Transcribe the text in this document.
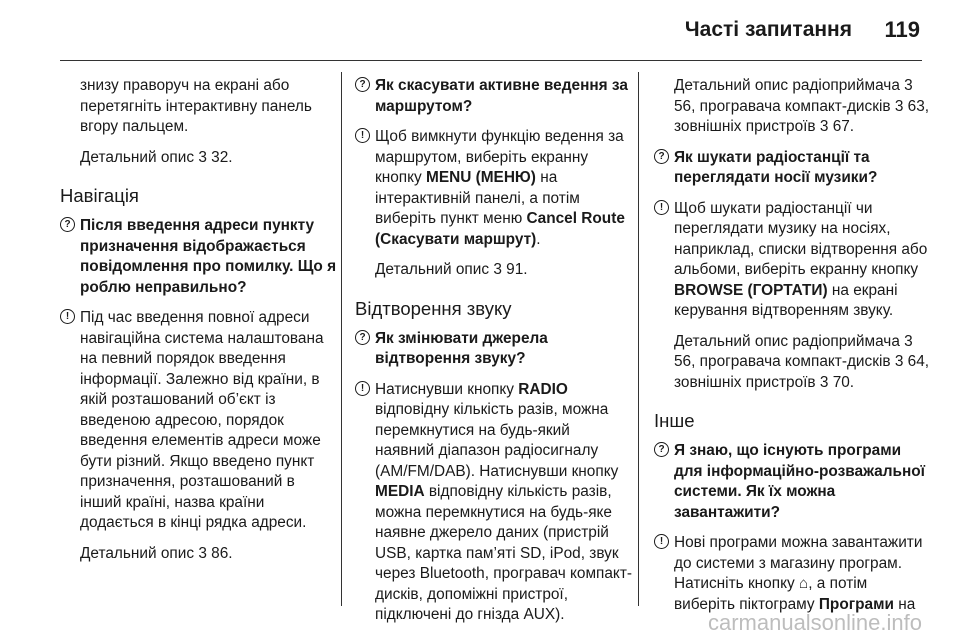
Часті запитання 119

знизу праворуч на екрані або перетягніть інтерактивну панель вгору пальцем.

Детальний опис 3 32.

Навігація
? Після введення адреси пункту призначення відображається повідомлення про помилку. Що я роблю неправильно?
! Під час введення повної адреси навігаційна система налаштована на певний порядок введення інформації. Залежно від країни, в якій розташований об’єкт із введеною адресою, порядок введення елементів адреси може бути різний. Якщо введено пункт призначення, розташований в інший країні, назва країни додається в кінці рядка адреси.

Детальний опис 3 86.

? Як скасувати активне ведення за маршрутом?
! Щоб вимкнути функцію ведення за маршрутом, виберіть екранну кнопку MENU (МЕНЮ) на інтерактивній панелі, а потім виберіть пункт меню Cancel Route (Скасувати маршрут).

Детальний опис 3 91.

Відтворення звуку
? Як змінювати джерела відтворення звуку?
! Натиснувши кнопку RADIO відповідну кількість разів, можна перемкнутися на будь-який наявний діапазон радіосигналу (AM/FM/DAB). Натиснувши кнопку MEDIA відповідну кількість разів, можна перемкнутися на будь-яке наявне джерело даних (пристрій USB, картка пам’яті SD, iPod, звук через Bluetooth, програвач компакт-дисків, допоміжні пристрої, підключені до гнізда AUX).

Детальний опис радіоприймача 3 56, програвача компакт-дисків 3 63, зовнішніх пристроїв 3 67.

? Як шукати радіостанції та переглядати носії музики?
! Щоб шукати радіостанції чи переглядати музику на носіях, наприклад, списки відтворення або альбоми, виберіть екранну кнопку BROWSE (ГОРТАТИ) на екрані керування відтворенням звуку.

Детальний опис радіоприймача 3 56, програвача компакт-дисків 3 64, зовнішніх пристроїв 3 70.

Інше
? Я знаю, що існують програми для інформаційно-розважальної системи. Як їх можна завантажити?
! Нові програми можна завантажити до системи з магазину програм. Натисніть кнопку ⌂, а потім виберіть піктограму Програми на
carmanualsonline.info
